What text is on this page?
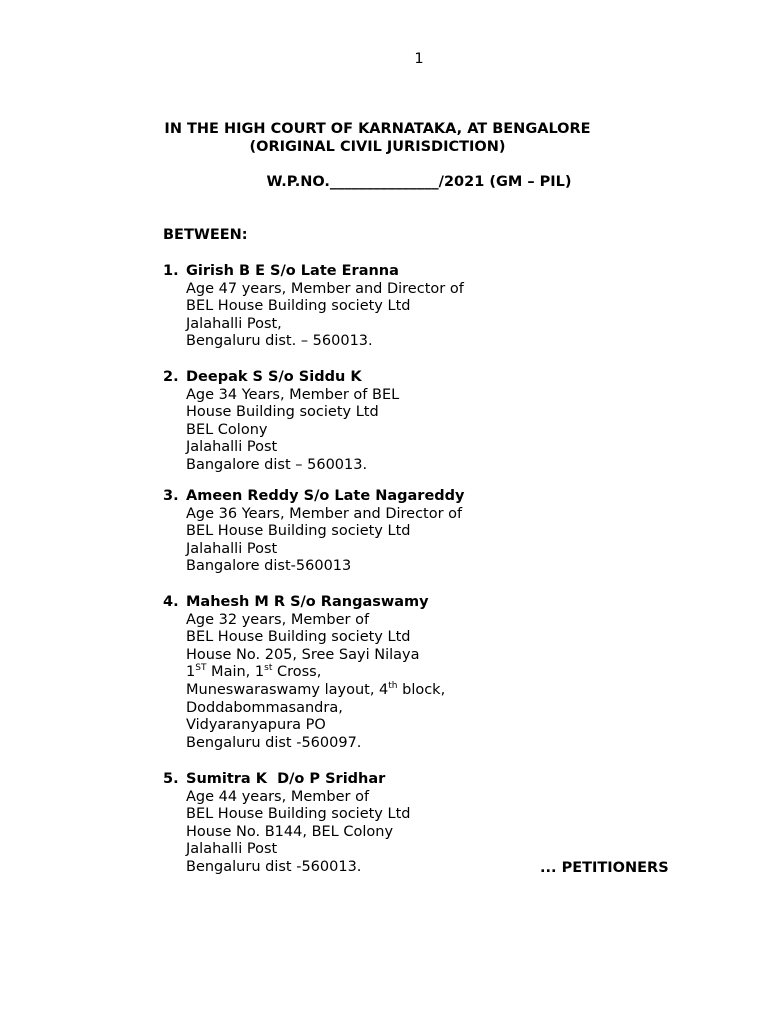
1
IN THE HIGH COURT OF KARNATAKA, AT BENGALORE
(ORIGINAL CIVIL JURISDICTION)
W.P.NO._______________/2021 (GM – PIL)
BETWEEN:
1. Girish B E S/o Late Eranna
Age 47 years, Member and Director of
BEL House Building society Ltd
Jalahalli Post,
Bengaluru dist. – 560013.
2. Deepak S S/o Siddu K
Age 34 Years, Member of BEL
House Building society Ltd
BEL Colony
Jalahalli Post
Bangalore dist – 560013.
3. Ameen Reddy S/o Late Nagareddy
Age 36 Years, Member and Director of
BEL House Building society Ltd
Jalahalli Post
Bangalore dist-560013
4. Mahesh M R S/o Rangaswamy
Age 32 years, Member of
BEL House Building society Ltd
House No. 205, Sree Sayi Nilaya
1ST Main, 1st Cross,
Muneswaraswamy layout, 4th block,
Doddabommasandra,
Vidyaranyapura PO
Bengaluru dist -560097.
5. Sumitra K  D/o P Sridhar
Age 44 years, Member of
BEL House Building society Ltd
House No. B144, BEL Colony
Jalahalli Post
Bengaluru dist -560013.	... PETITIONERS
